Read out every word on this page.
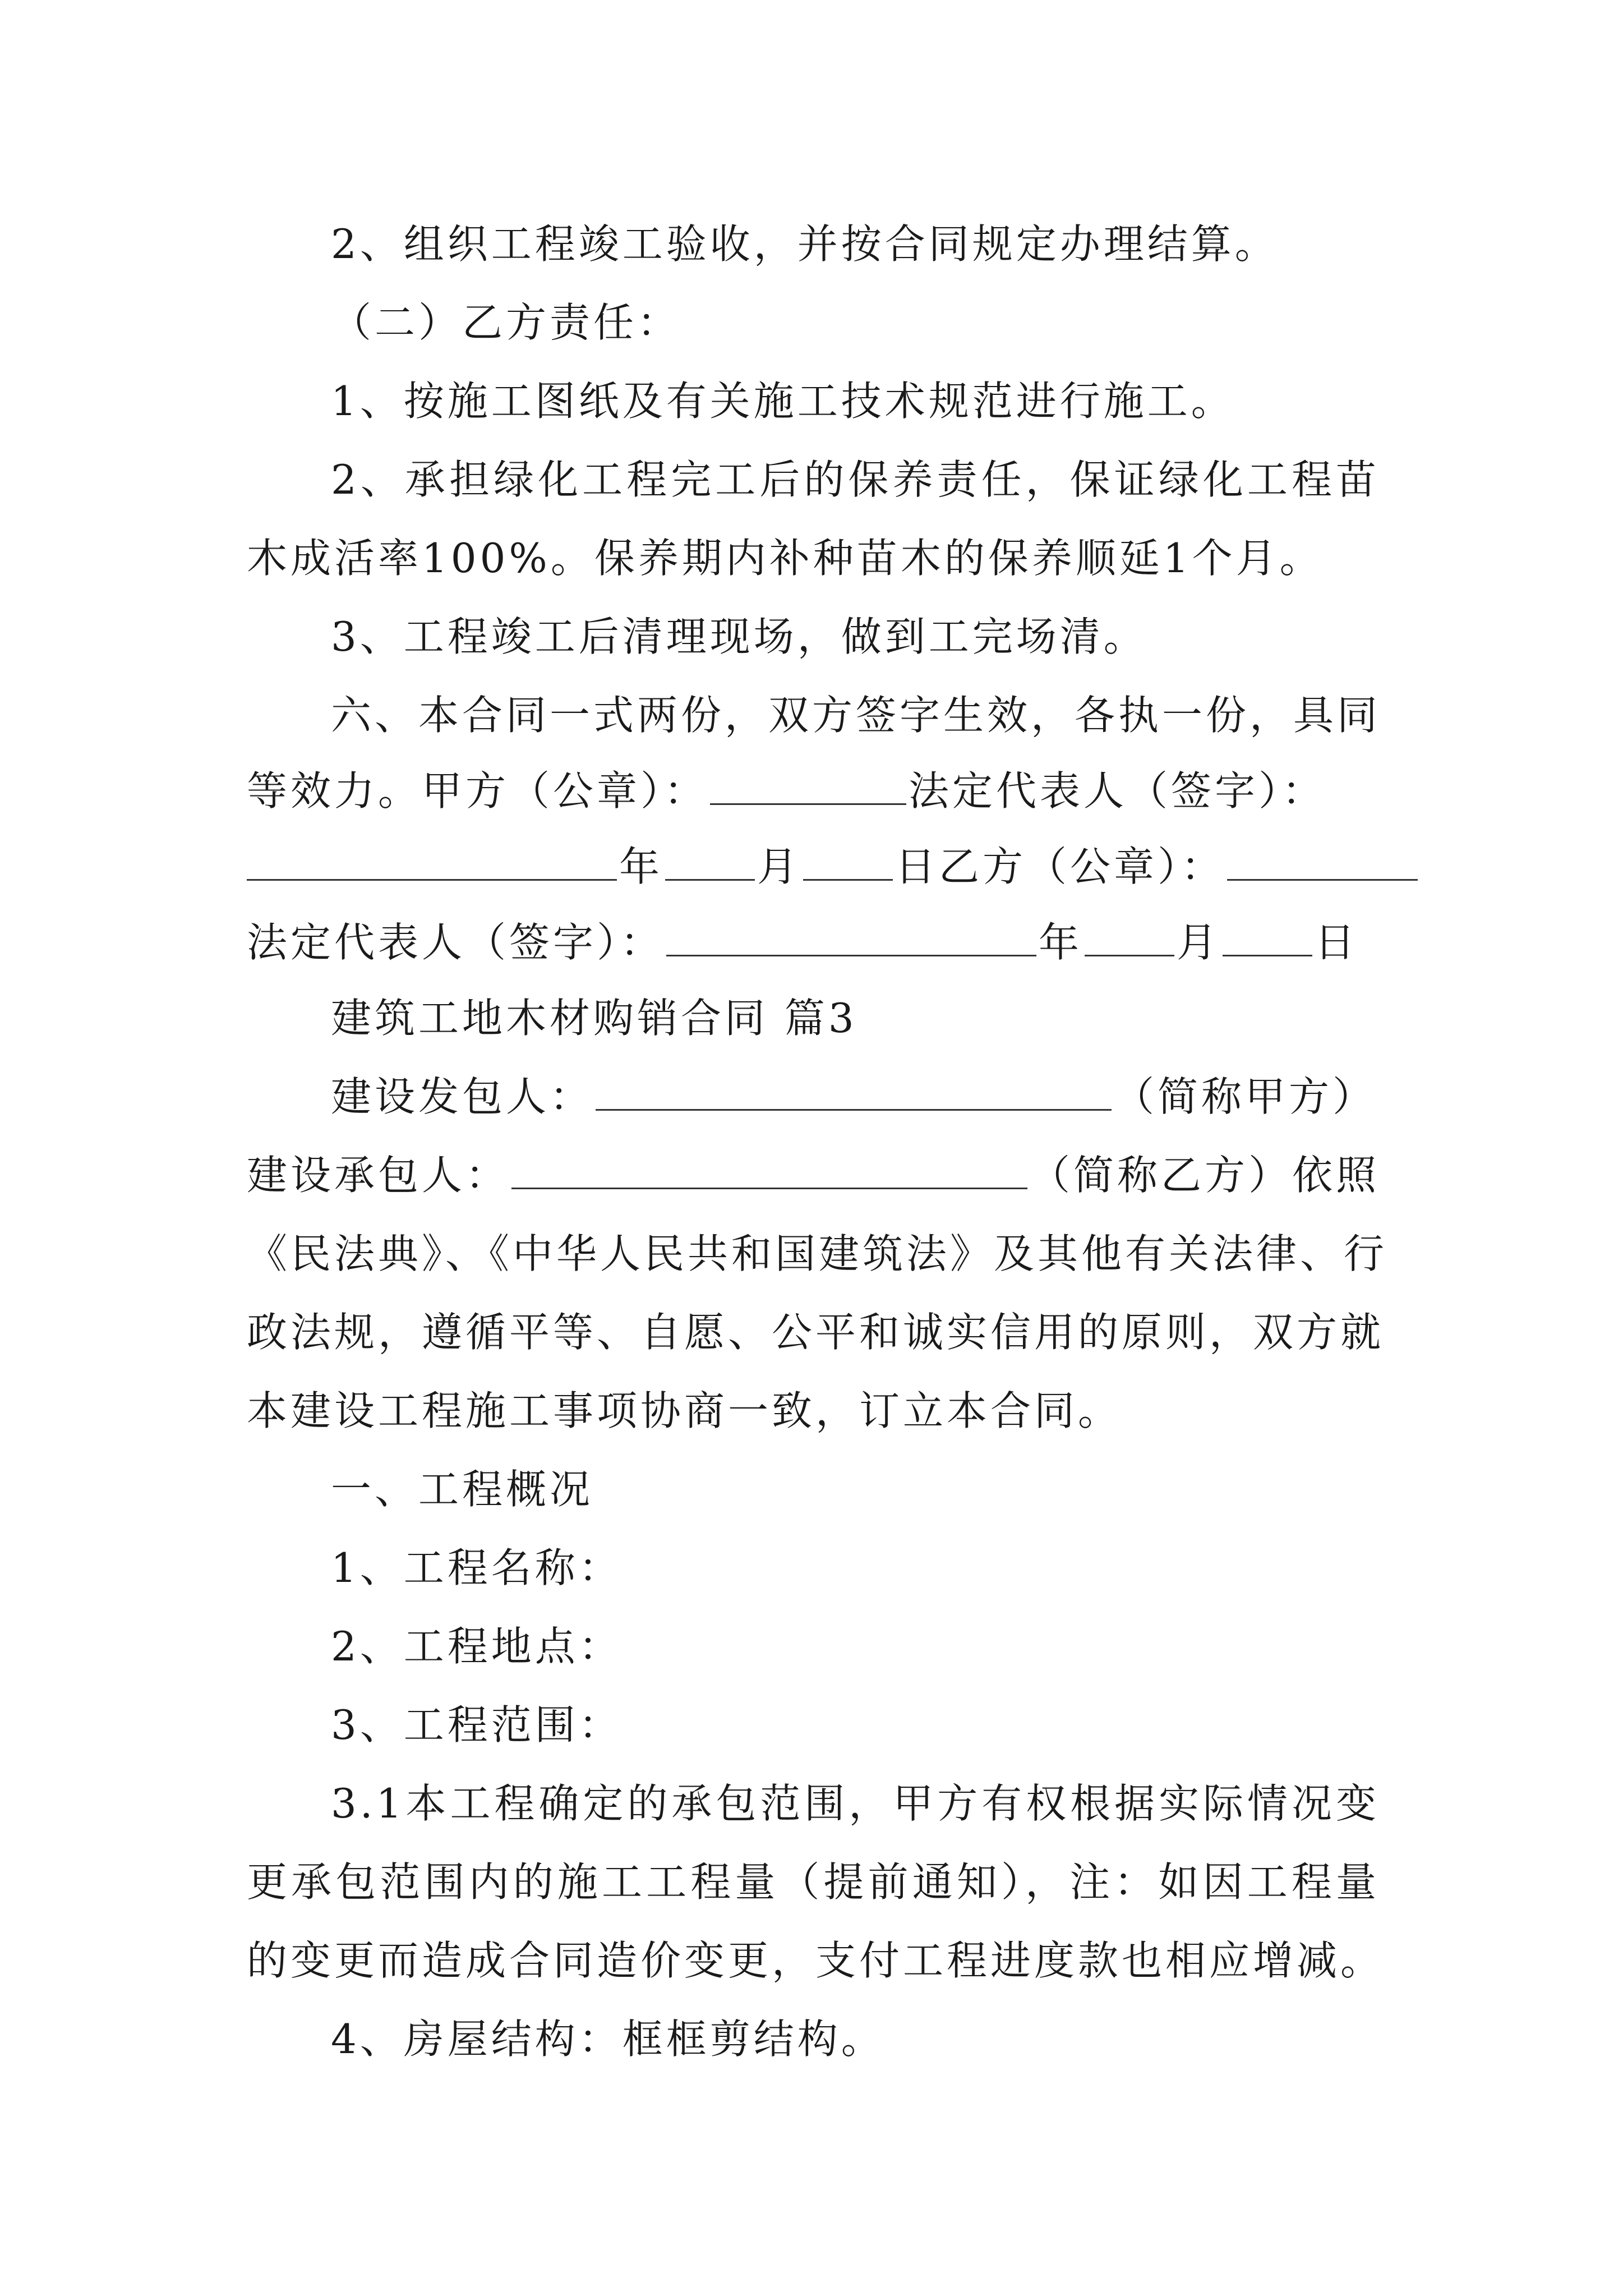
2、组织工程竣工验收，并按合同规定办理结算。
（二）乙方责任：
1、按施工图纸及有关施工技术规范进行施工。
2、承担绿化工程完工后的保养责任，保证绿化工程苗
木成活率100%。保养期内补种苗木的保养顺延1个月。
3、工程竣工后清理现场，做到工完场清。
六、本合同一式两份，双方签字生效，各执一份，具同
等效力。甲方（公章）：	法定代表人（签字）：
年 月 日乙方（公章）：
法定代表人（签字）：	年 月 日
建筑工地木材购销合同 篇3
建设发包人：	（简称甲方）
建设承包人：	（简称乙方）依照
《民法典》、《中华人民共和国建筑法》及其他有关法律、行
政法规，遵循平等、自愿、公平和诚实信用的原则，双方就
本建设工程施工事项协商一致，订立本合同。
一、工程概况
1、工程名称：
2、工程地点：
3、工程范围：
3.1本工程确定的承包范围，甲方有权根据实际情况变
更承包范围内的施工工程量（提前通知），注：如因工程量
的变更而造成合同造价变更，支付工程进度款也相应增减。
4、房屋结构：框框剪结构。
